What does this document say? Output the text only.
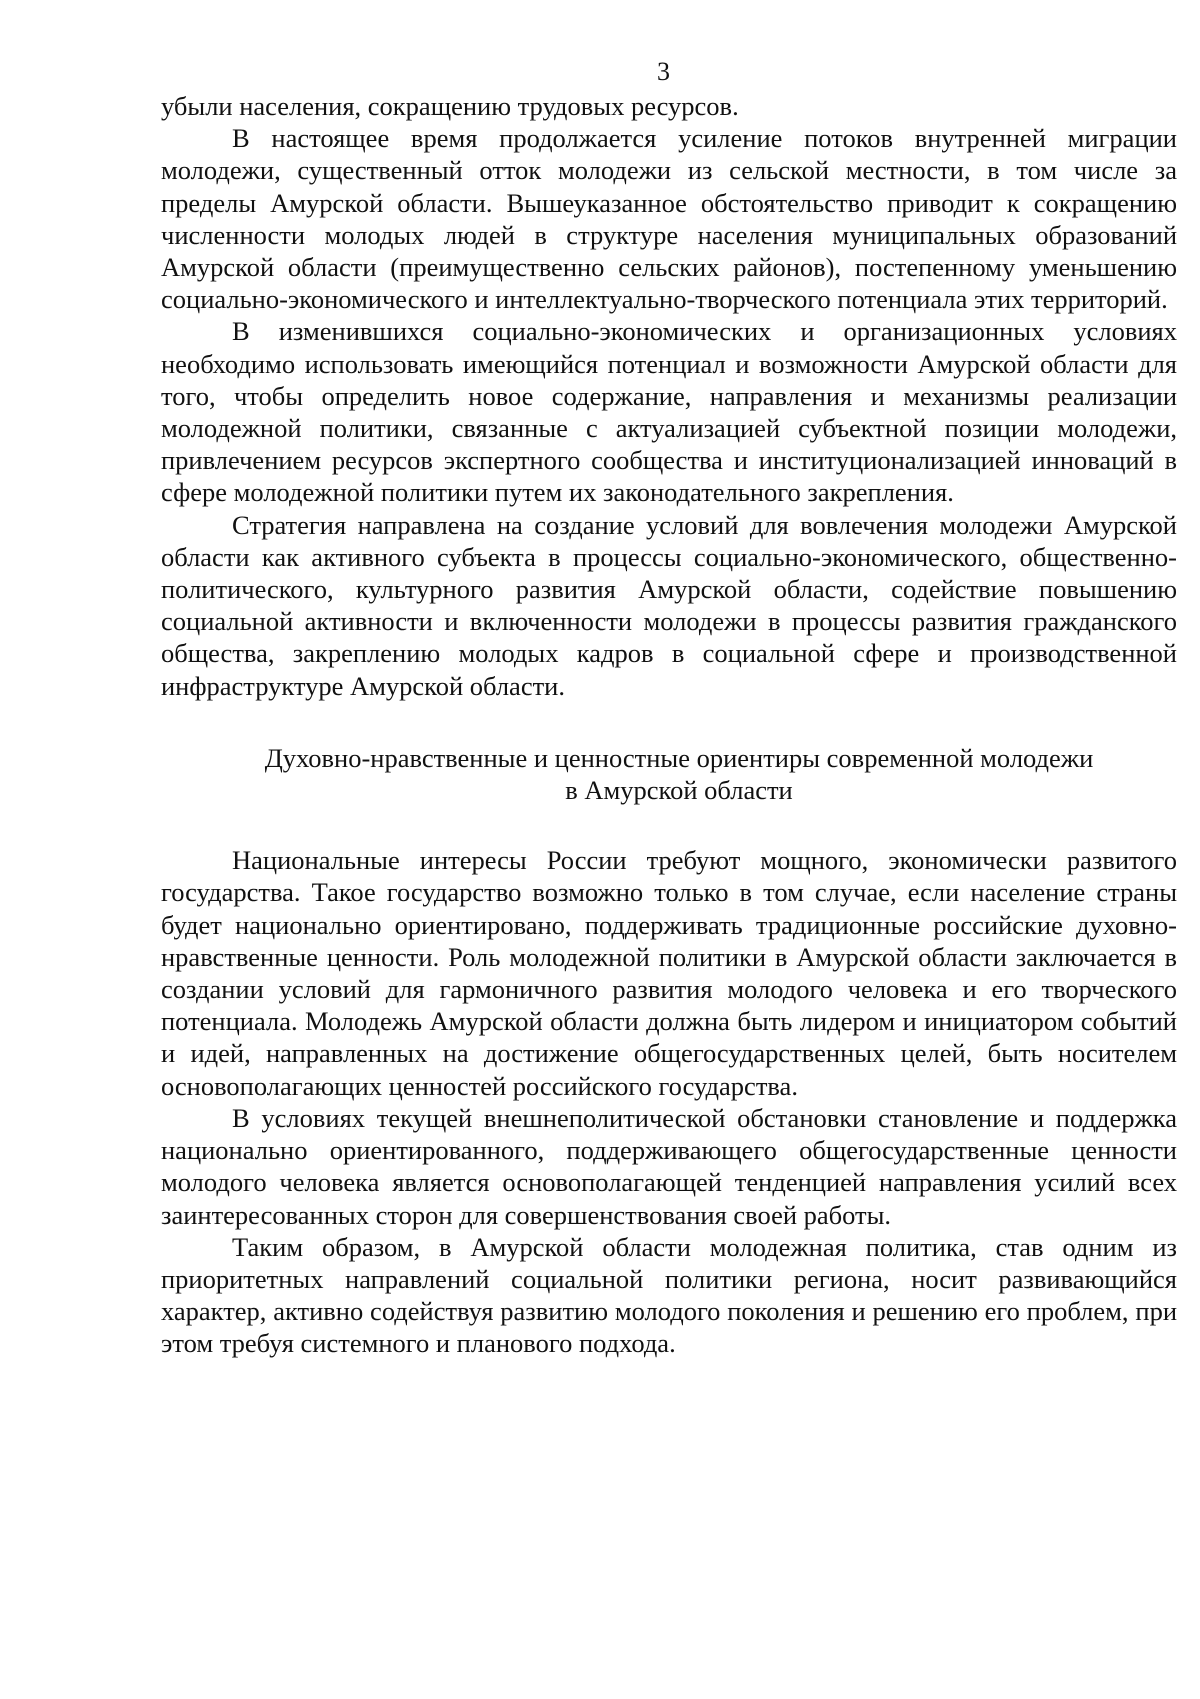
3

убыли населения, сокращению трудовых ресурсов.

В настоящее время продолжается усиление потоков внутренней миграции молодежи, существенный отток молодежи из сельской местности, в том числе за пределы Амурской области. Вышеуказанное обстоятельство приводит к сокращению численности молодых людей в структуре населения муниципальных образований Амурской области (преимущественно сельских районов), постепенному уменьшению социально-экономического и интеллектуально-творческого потенциала этих территорий.

В изменившихся социально-экономических и организационных условиях необходимо использовать имеющийся потенциал и возможности Амурской области для того, чтобы определить новое содержание, направления и механизмы реализации молодежной политики, связанные с актуализацией субъектной позиции молодежи, привлечением ресурсов экспертного сообщества и институционализацией инноваций в сфере молодежной политики путем их законодательного закрепления.

Стратегия направлена на создание условий для вовлечения молодежи Амурской области как активного субъекта в процессы социально-экономического, общественно-политического, культурного развития Амурской области, содействие повышению социальной активности и включенности молодежи в процессы развития гражданского общества, закреплению молодых кадров в социальной сфере и производственной инфраструктуре Амурской области.

Духовно-нравственные и ценностные ориентиры современной молодежи
в Амурской области

Национальные интересы России требуют мощного, экономически развитого государства. Такое государство возможно только в том случае, если население страны будет национально ориентировано, поддерживать традиционные российские духовно-нравственные ценности. Роль молодежной политики в Амурской области заключается в создании условий для гармоничного развития молодого человека и его творческого потенциала. Молодежь Амурской области должна быть лидером и инициатором событий и идей, направленных на достижение общегосударственных целей, быть носителем основополагающих ценностей российского государства.

В условиях текущей внешнеполитической обстановки становление и поддержка национально ориентированного, поддерживающего общегосударственные ценности молодого человека является основополагающей тенденцией направления усилий всех заинтересованных сторон для совершенствования своей работы.

Таким образом, в Амурской области молодежная политика, став одним из приоритетных направлений социальной политики региона, носит развивающийся характер, активно содействуя развитию молодого поколения и решению его проблем, при этом требуя системного и планового подхода.
